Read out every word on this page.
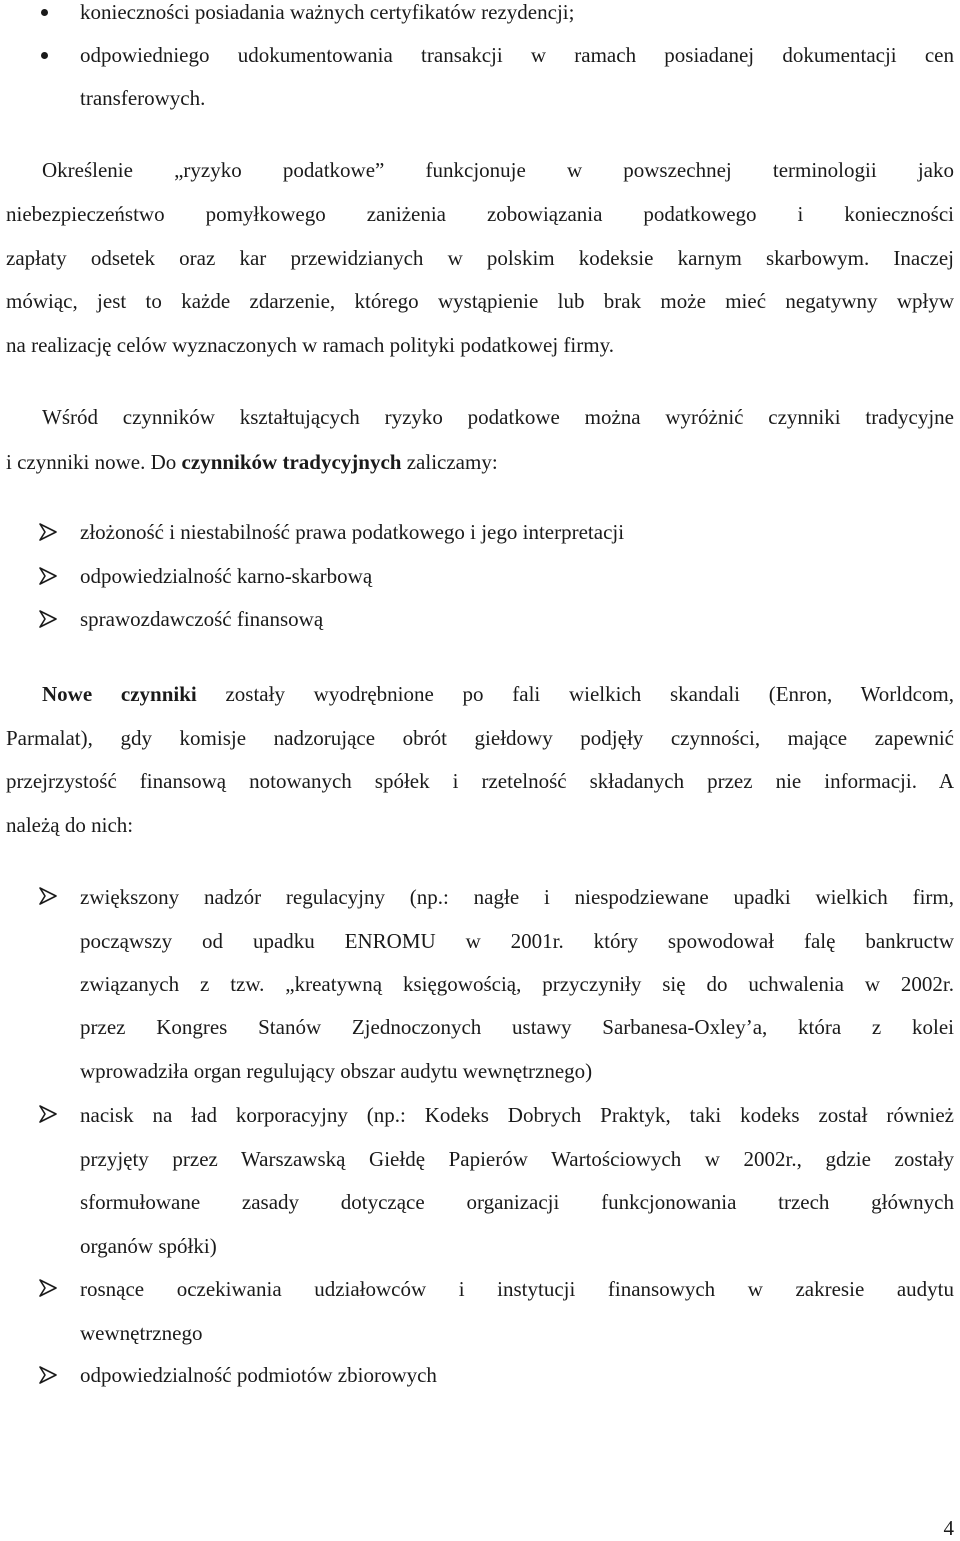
konieczności posiadania ważnych certyfikatów rezydencji;
odpowiedniego udokumentowania transakcji w ramach posiadanej dokumentacji cen
transferowych.
Określenie „ryzyko podatkowe” funkcjonuje w powszechnej terminologii jako
niebezpieczeństwo pomyłkowego zaniżenia zobowiązania podatkowego i konieczności
zapłaty odsetek oraz kar przewidzianych w polskim kodeksie karnym skarbowym. Inaczej
mówiąc, jest to każde zdarzenie, którego wystąpienie lub brak może mieć negatywny wpływ
na realizację celów wyznaczonych w ramach polityki podatkowej firmy.
Wśród czynników kształtujących ryzyko podatkowe można wyróżnić czynniki tradycyjne
i czynniki nowe. Do czynników tradycyjnych zaliczamy:
złożoność i niestabilność prawa podatkowego i jego interpretacji
odpowiedzialność karno-skarbową
sprawozdawczość finansową
Nowe czynniki zostały wyodrębnione po fali wielkich skandali (Enron, Worldcom,
Parmalat), gdy komisje nadzorujące obrót giełdowy podjęły czynności, mające zapewnić
przejrzystość finansową notowanych spółek i rzetelność składanych przez nie informacji. A
należą do nich:
zwiększony nadzór regulacyjny (np.: nagłe i niespodziewane upadki wielkich firm,
począwszy od upadku ENROMU w 2001r. który spowodował falę bankructw
związanych z tzw. „kreatywną księgowością, przyczyniły się do uchwalenia w 2002r.
przez Kongres Stanów Zjednoczonych ustawy Sarbanesa-Oxley’a, która z kolei
wprowadziła organ regulujący obszar audytu wewnętrznego)
nacisk na ład korporacyjny (np.: Kodeks Dobrych Praktyk, taki kodeks został również
przyjęty przez Warszawską Giełdę Papierów Wartościowych w 2002r., gdzie zostały
sformułowane zasady dotyczące organizacji funkcjonowania trzech głównych
organów spółki)
rosnące oczekiwania udziałowców i instytucji finansowych w zakresie audytu
wewnętrznego
odpowiedzialność podmiotów zbiorowych
4
